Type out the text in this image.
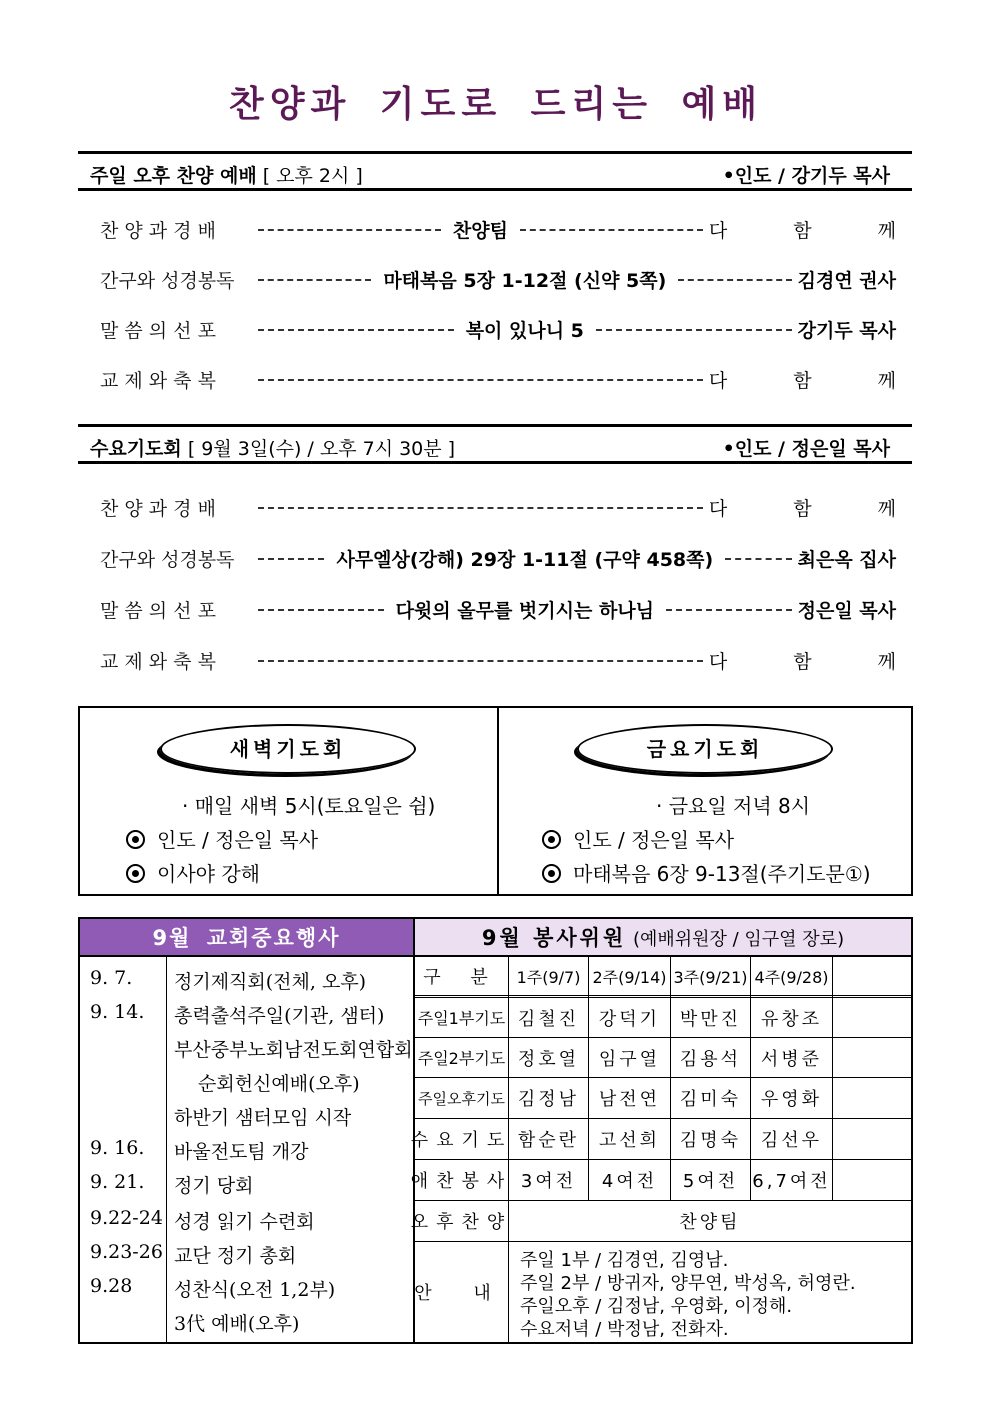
찬양과 기도로 드리는 예배
주일 오후 찬양 예배 [ 오후 2시 ]	•인도 / 강기두 목사
찬 양 과 경 배	찬양팀	다 함 께
간구와 성경봉독	마태복음 5장 1-12절 (신약 5쪽)	김경연 권사
말 씀 의 선 포	복이 있나니 5	강기두 목사
교 제 와 축 복	다 함 께
수요기도회 [ 9월 3일(수) / 오후 7시 30분 ]	•인도 / 정은일 목사
찬 양 과 경 배	다 함 께
간구와 성경봉독	사무엘상(강해) 29장 1-11절 (구약 458쪽)	최은옥 집사
말 씀 의 선 포	다윗의 올무를 벗기시는 하나님	정은일 목사
교 제 와 축 복	다 함 께
새벽기도회
· 매일 새벽 5시(토요일은 쉼)
인도 / 정은일 목사
이사야 강해
금요기도회
· 금요일 저녁 8시
인도 / 정은일 목사
마태복음 6장 9-13절(주기도문①)
9월 교회중요행사
9. 7. 정기제직회(전체, 오후)
9. 14. 총력출석주일(기관, 샘터)
부산중부노회남전도회연합회
순회헌신예배(오후)
하반기 샘터모임 시작
9. 16. 바울전도팀 개강
9. 21. 정기 당회
9.22-24 성경 읽기 수련회
9.23-26 교단 정기 총회
9.28 성찬식(오전 1,2부)
3代 예배(오후)
9월 봉사위원 (예배위원장 / 임구열 장로)
구 분	1주(9/7) 2주(9/14) 3주(9/21) 4주(9/28)
주일1부기도 김철진	강덕기	박만진	유창조
주일2부기도 정호열	임구열	김용석	서병준
주일오후기도 김정남	남전연	김미숙	우영화
수요기도 함순란	고선희	김명숙	김선우
애찬봉사 3여전	4여전	5여전 6,7여전
오후찬양	찬양팀
안 내
주일 1부 / 김경연, 김영남.
주일 2부 / 방귀자, 양무연, 박성옥, 허영란.
주일오후 / 김정남, 우영화, 이정해.
수요저녁 / 박정남, 전화자.
